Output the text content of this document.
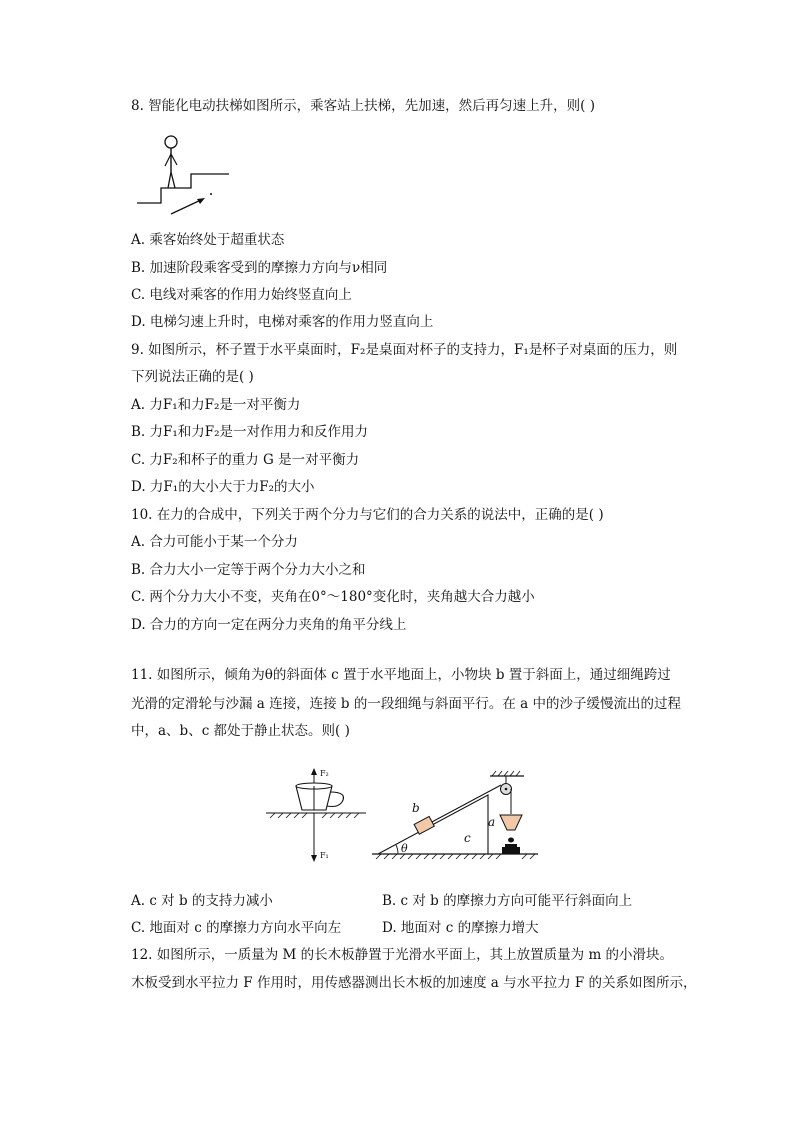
8. 智能化电动扶梯如图所示，乘客站上扶梯，先加速，然后再匀速上升，则( )
A. 乘客始终处于超重状态
B. 加速阶段乘客受到的摩擦力方向与ν相同
C. 电线对乘客的作用力始终竖直向上
D. 电梯匀速上升时，电梯对乘客的作用力竖直向上
9. 如图所示，杯子置于水平桌面时，F₂是桌面对杯子的支持力，F₁是杯子对桌面的压力，则
下列说法正确的是( )
A. 力F₁和力F₂是一对平衡力
B. 力F₁和力F₂是一对作用力和反作用力
C. 力F₂和杯子的重力 G 是一对平衡力
D. 力F₁的大小大于力F₂的大小
10. 在力的合成中，下列关于两个分力与它们的合力关系的说法中，正确的是( )
A. 合力可能小于某一个分力
B. 合力大小一定等于两个分力大小之和
C. 两个分力大小不变，夹角在0°～180°变化时，夹角越大合力越小
D. 合力的方向一定在两分力夹角的角平分线上
11. 如图所示，倾角为θ的斜面体 c 置于水平地面上，小物块 b 置于斜面上，通过细绳跨过
光滑的定滑轮与沙漏 a 连接，连接 b 的一段细绳与斜面平行。在 a 中的沙子缓慢流出的过程
中，a、b、c 都处于静止状态。则( )
F₂
F₁
b
a
c
θ
A. c 对 b 的支持力减小	B. c 对 b 的摩擦力方向可能平行斜面向上
C. 地面对 c 的摩擦力方向水平向左	D. 地面对 c 的摩擦力增大
12. 如图所示，一质量为 M 的长木板静置于光滑水平面上，其上放置质量为 m 的小滑块。
木板受到水平拉力 F 作用时，用传感器测出长木板的加速度 a 与水平拉力 F 的关系如图所示，
